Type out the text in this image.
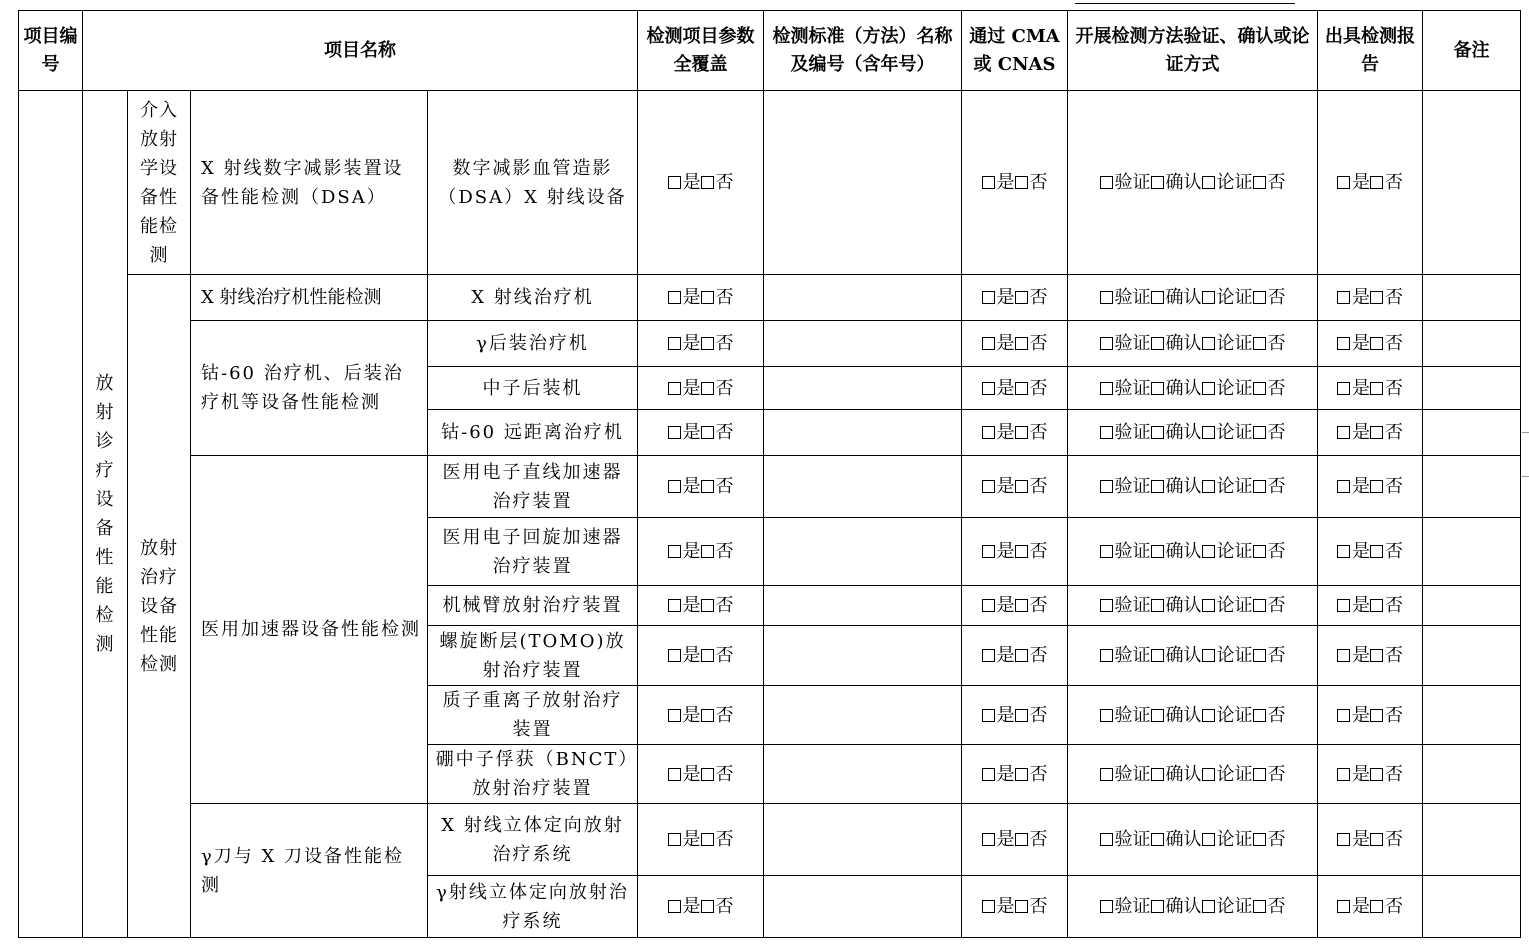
项目编号	项目名称				检测项目参数全覆盖	检测标准（方法）名称及编号（含年号）	通过 CMA 或 CNAS	开展检测方法验证、确认或论证方式	出具检测报告	备注
	放射诊疗设备性能检测	介入放射学设备性能检测	X 射线数字减影装置设备性能检测（DSA）	数字减影血管造影（DSA）X 射线设备	是 否		是 否	验证 确认 论证 否	是 否	
		放射治疗设备性能检测	X 射线治疗机性能检测	X 射线治疗机	是 否		是 否	验证 确认 论证 否	是 否	
			钴-60 治疗机、后装治疗机等设备性能检测	γ后装治疗机	是 否		是 否	验证 确认 论证 否	是 否	
				中子后装机	是 否		是 否	验证 确认 论证 否	是 否	
				钴-60 远距离治疗机	是 否		是 否	验证 确认 论证 否	是 否	
			医用加速器设备性能检测	医用电子直线加速器治疗装置	是 否		是 否	验证 确认 论证 否	是 否	
				医用电子回旋加速器治疗装置	是 否		是 否	验证 确认 论证 否	是 否	
				机械臂放射治疗装置	是 否		是 否	验证 确认 论证 否	是 否	
				螺旋断层(TOMO)放射治疗装置	是 否		是 否	验证 确认 论证 否	是 否	
				质子重离子放射治疗装置	是 否		是 否	验证 确认 论证 否	是 否	
				硼中子俘获（BNCT）放射治疗装置	是 否		是 否	验证 确认 论证 否	是 否	
			γ刀与 X 刀设备性能检测	X 射线立体定向放射治疗系统	是 否		是 否	验证 确认 论证 否	是 否	
				γ射线立体定向放射治疗系统	是 否		是 否	验证 确认 论证 否	是 否	
